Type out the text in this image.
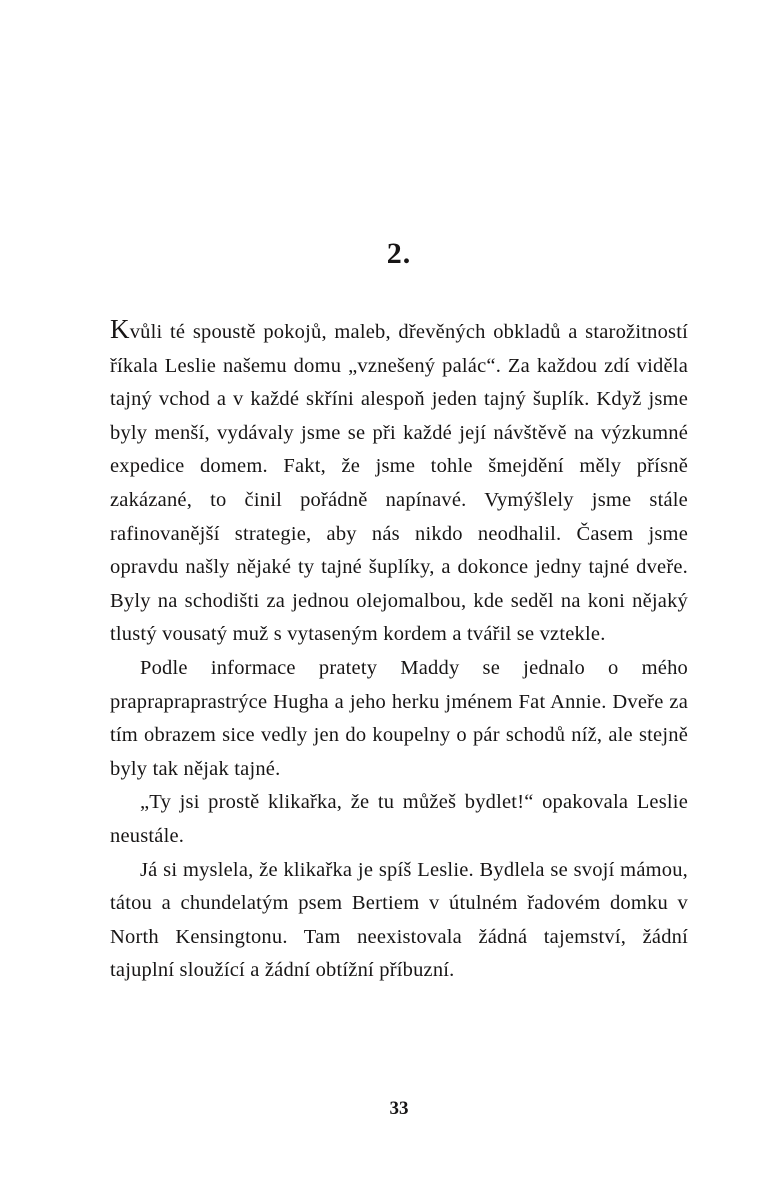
2.

Kvůli té spoustě pokojů, maleb, dřevěných obkladů a starožitností říkala Leslie našemu domu „vznešený palác“. Za každou zdí viděla tajný vchod a v každé skříni alespoň jeden tajný šuplík. Když jsme byly menší, vydávaly jsme se při každé její návštěvě na výzkumné expedice domem. Fakt, že jsme tohle šmejdění měly přísně zakázané, to činil pořádně napínavé. Vymýšlely jsme stále rafinovanější strategie, aby nás nikdo neodhalil. Časem jsme opravdu našly nějaké ty tajné šuplíky, a dokonce jedny tajné dveře. Byly na schodišti za jednou olejomalbou, kde seděl na koni nějaký tlustý vousatý muž s vytaseným kordem a tvářil se vztekle.

Podle informace pratety Maddy se jednalo o mého praprapraprastrýce Hugha a jeho herku jménem Fat Annie. Dveře za tím obrazem sice vedly jen do koupelny o pár schodů níž, ale stejně byly tak nějak tajné.

„Ty jsi prostě klikařka, že tu můžeš bydlet!“ opakovala Leslie neustále.

Já si myslela, že klikařka je spíš Leslie. Bydlela se svojí mámou, tátou a chundelatým psem Bertiem v útulném řadovém domku v North Kensingtonu. Tam neexistovala žádná tajemství, žádní tajuplní sloužící a žádní obtížní příbuzní.

33
